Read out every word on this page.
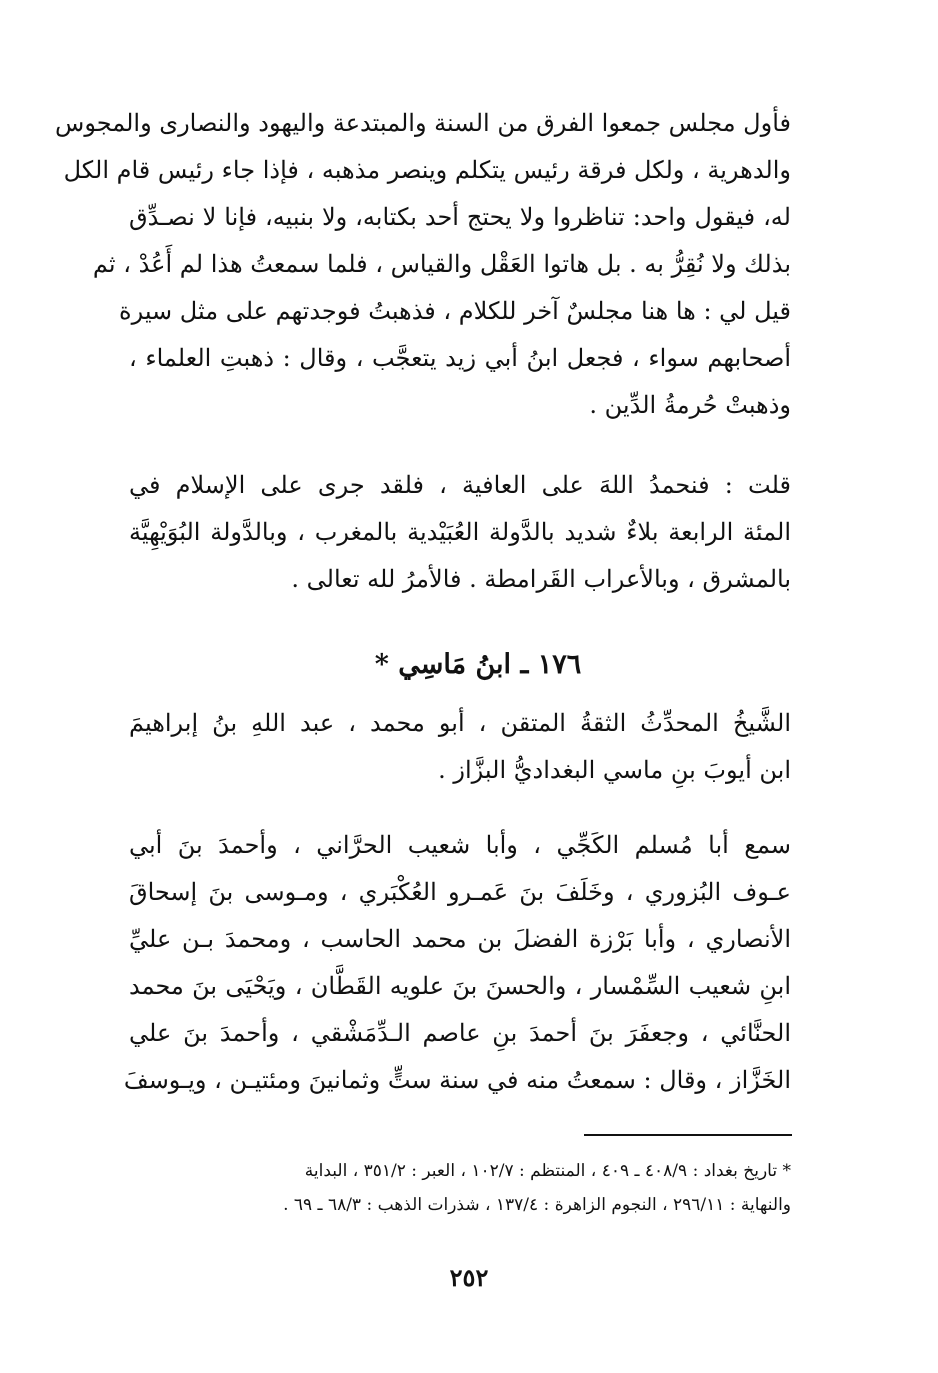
فأول مجلس جمعوا الفرق من السنة والمبتدعة واليهود والنصارى والمجوس
والدهرية ، ولكل فرقة رئيس يتكلم وينصر مذهبه ، فإذا جاء رئيس قام الكل
له، فيقول واحد: تناظروا ولا يحتج أحد بكتابه، ولا بنبيه، فإنا لا نصـدِّق
بذلك ولا نُقِرُّ به . بل هاتوا العَقْل والقياس ، فلما سمعتُ هذا لم أَعُدْ ، ثم
قيل لي : ها هنا مجلسٌ آخر للكلام ، فذهبتُ فوجدتهم على مثل سيرة
أصحابهم سواء ، فجعل ابنُ أبي زيد يتعجَّب ، وقال : ذهبتِ العلماء ،
وذهبتْ حُرمةُ الدِّين .
قلت : فنحمدُ اللهَ على العافية ، فلقد جرى على الإسلام في
المئة الرابعة بلاءٌ شديد بالدَّولة العُبَيْدية بالمغرب ، وبالدَّولة البُوَيْهِيَّة
بالمشرق ، وبالأعراب القَرامطة . فالأمرُ لله تعالى .
١٧٦ ـ ابنُ مَاسِي *
الشَّيخُ المحدِّثُ الثقةُ المتقن ، أبو محمد ، عبد اللهِ بنُ إبراهيمَ
ابن أيوبَ بنِ ماسي البغداديُّ البزَّاز .
سمع أبا مُسلم الكَجِّي ، وأبا شعيب الحرَّاني ، وأحمدَ بنَ أبي
عـوف البُزوري ، وخَلَفَ بنَ عَمـرو العُكْبَري ، ومـوسى بنَ إسحاقَ
الأنصاري ، وأبا بَرْزة الفضلَ بن محمد الحاسب ، ومحمدَ بـن عليِّ
ابنِ شعيب السِّمْسار ، والحسنَ بنَ علويه القَطَّان ، ويَحْيَى بنَ محمد
الحنَّائي ، وجعفَرَ بنَ أحمدَ بنِ عاصم الـدِّمَشْقي ، وأحمدَ بنَ علي
الخَزَّاز ، وقال : سمعتُ منه في سنة ستٍّ وثمانينَ ومئتيـن ، ويـوسفَ
* تاريخ بغداد : ٤٠٨/٩ ـ ٤٠٩ ، المنتظم : ١٠٢/٧ ، العبر : ٣٥١/٢ ، البداية
والنهاية : ٢٩٦/١١ ، النجوم الزاهرة : ١٣٧/٤ ، شذرات الذهب : ٦٨/٣ ـ ٦٩ .
٢٥٢
